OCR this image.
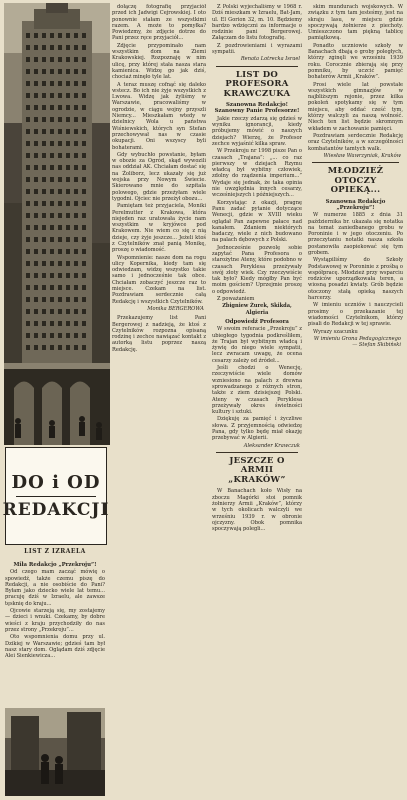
DO i OD
REDAKCJI
LIST Z IZRAELA
Miła Redakcjo „Przekroju”!

Od czego mam zacząć mówię o spowiedź, także czemu piszę do Redakcji, a nie osobiście do Pani? Byłam jako dziecko wiele lat temu... pracuję dziś w Izraelu, ale zawsze tęsknię do kraju...

Ojcowie starzeją się, my zostajemy — dzieci i wnuki. Czekamy, by dobre wieści z kraju przychodziły do nas przez strony „Przekroju”...

Oto wspomnienia domu przy ul. Dzikiej w Warszawie; gdzieś tam był nasz stary dom. Oglądam dziś zdjęcie Alei Sienkiewicza...

dołączę fotografię przyjaciół przed ich Jadwigi Cejrowskiej. I oto ponownie stałam ze wszystkimi razem. A może to pomyłka? Powiedzmy, że zdjęcie dotrze do Pani przez ręce przyjaciół...

Zdjęcie przypominało nam wszystkim dom na Ziemi Krakowskiej. Rozpoznaję w nim ulicę, przy której stała nasza stara kamienica. Widzę go jak dziś, chociaż minęło tyle lat.

A teraz muszę cofnąć się daleko wstecz. Bo ich nie żyje wszystkich z Lwowa. Widzę jak żyliśmy w Warszawie, pracowaliśmy w ogrodzie, w ciągu wojny przyszli Niemcy... Mieszkałam wtedy w dzielnicy Wola u państwa Wiśniewskich, których syn Stefan przechowywał nas w czasie okupacji. Oni wszyscy byli bohaterami.

Gdy wybuchło powstanie, byłam w obozie za Ogród, skąd wywozili nas oddział AK. Chciałam dostać się na Żoliborz, lecz ukazały się już wojska przy Nowym Świecie. Skierowano mnie do szpitala polowego, gdzie przeżyłam wiele tygodni. Ojciec nie przeżył obozu...

Pamiętam też przyjaciela, Moniki Perelmutter z Krakowa, która niejeden raz uratowała życie nam wszystkim w kryjówce pod Krakowem. Nie wiem co się z nią dzieje, czy żyje jeszcze... Jeżeli ktoś z Czytelników znał panią Monikę, proszę o wiadomość.

Wspomnienie: nasze dom na rogu ulicy Kopernika, kiedy tam się odwiedzam, widzę wszystko takie samo i jednocześnie tak obce. Chciałam zobaczyć jeszcze raz to miejsce. Czekam na list. Pozdrawiam serdecznie całą Redakcję i wszystkich Czytelników.

Monika BERGEROWA

Przekazujemy list Pani Bergerowej z nadzieją, że ktoś z Czytelników rozpozna opisaną rodzinę i zechce nawiązać kontakt z autorką listu poprzez naszą Redakcję.

Z Polski wyjechaliśmy w 1968 r. Dziś mieszkam w Izraelu, Bat-Jam, ul. El Gorion 32, m. 10. Będziemy bardzo wdzięczni za informacje o rodzinie pani Bergerowej. Załączam do listu fotografię.

Z pozdrowieniami i wyrazami sympatii.

Renata Lotrecka Israel
LIST DO PROFESORA KRAWCZUKA
Szanowna Redakcjo! Szanowny Panie Profesorze!

Jakie rzeczy zdarzą się gdzieś w wyniku ignorancji, kiedy próbujemy mówić o naszych dziejach? Wierzę, że Profesor zechce wyjaśnić kilka spraw.

W Przekroju nr 1998 pisze Pan o czasach „Trajana”: „... co raz pierwszy w dziejach Rzymu władcą był wybitny człowiek, zdolny do rządzenia imperium...” Wydaje się jednak, że taka opinia nie uwzględnia innych cesarzy, wcześniejszych i późniejszych...

Korzystając z okazji, pragnę Panu zadać pytanie dotyczące Wenecji, gdzie w XVIII wieku oglądał Pan zapewne pałace nad kanałem. Zdaniem niektórych badaczy, wiele z nich budowano na palach dębowych z Polski.

Jednocześnie pozwolę sobie zapytać Pana Profesora o starożytne Ateny, które podobno w czasach Peryklesa przeżywały swój złoty wiek. Czy rzeczywiście tak było? Kiedy mógłby Pan być moim gościem? Uprzejmie proszę o odpowiedź.

Z poważaniem

Zbigniew Żurek, Skikda, Algieria
Odpowiedź Profesora

W swoim referacie „Przekroju” z ubiegłego tygodnia podkreśliłem, że Trajan był wybitnym władcą i żywię do niego wiele sympatii, lecz zwracam uwagę, że ocena cesarzy zależy od źródeł...

Jeśli chodzi o Wenecję, rzeczywiście wiele domów wzniesiono na palach z drewna sprowadzanego z różnych stron, także z ziem dzisiejszej Polski. Ateny w czasach Peryklesa przeżywały okres świetności kultury i sztuki.

Dziękuję za pamięć i życzliwe słowa. Z przyjemnością odwiedzę Pana, gdy tylko będę miał okazję przebywać w Algierii.

Aleksander Krawczuk
JESZCZE O ARMII „KRAKÓW”

W Banachach koło Wisły na zboczu Magórki stoi pomnik żołnierzy Armii „Kraków”, którzy w tych okolicach walczyli we wrześniu 1939 r. w obronie ojczyzny. Obok pomnika spoczywają polegli...

skim mundurach wojskowych. W związku z tym tam jesteśmy, jest na skraju lasu, w miejscu gdzie spoczywają żołnierze z piechoty. Umieszczono tam piękną tablicę pamiątkową.

Ponadto uczniowie szkoły w Banachach dbają o groby poległych, którzy zginęli we wrześniu 1939 roku. Corocznie zbierają się przy pomniku, by uczcić pamięć bohaterów Armii „Kraków”.

Prosi wiele lat powstałe wszystkich gimnazjów w najbliższym rejonie, przez kilka pokoleń spotykamy się w tym miejscu, aby oddać cześć tym, którzy walczyli za naszą wolność. Niech ten list będzie skromnym wkładem w zachowanie pamięci.

Pozdrawiam serdecznie Redakcję oraz Czytelników, a w szczególności kombatantów tamtych walk.

Wiesław Wawrzyniak, Kraków
MŁODZIEŻ OTOCZY OPIEKĄ...
Szanowna Redakcjo „Przekroju”!

W numerze 1885 z dnia 31 października br. ukazała się notatka na temat zaniedbanego grobu w Poroninie i w jego otoczeniu. Po przeczytaniu notatki nasza szkoła postanowiła zaopiekować się tym grobem.

Wystąpiliśmy do Szkoły Podstawowej w Poroninie z prośbą o współpracę. Młodzież przy wsparciu rodziców uporządkowała teren, a wiosną posadzi kwiaty. Grób będzie otoczony stałą opieką naszych harcerzy.

W imieniu uczniów i nauczycieli prosimy o przekazanie tej wiadomości Czytelnikom, którzy pisali do Redakcji w tej sprawie.

Wyrazy szacunku

W imieniu Grona Pedagogicznego — Stefan Skibiński
